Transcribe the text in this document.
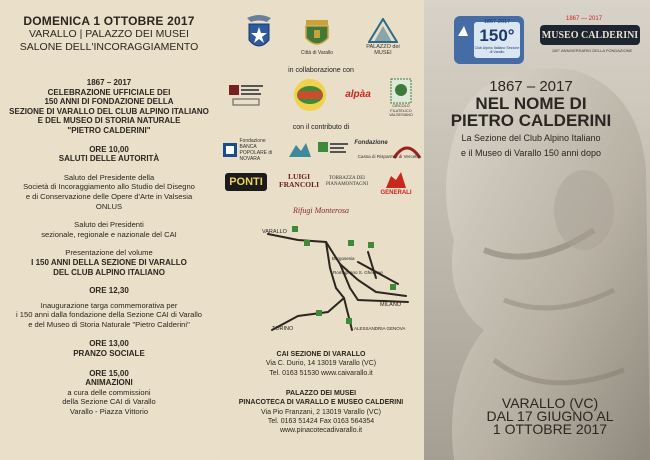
DOMENICA 1 OTTOBRE 2017
VARALLO | PALAZZO DEI MUSEI
SALONE DELL'INCORAGGIAMENTO
1867 – 2017
CELEBRAZIONE UFFICIALE DEI
150 ANNI DI FONDAZIONE DELLA
SEZIONE DI VARALLO DEL CLUB ALPINO ITALIANO
E DEL MUSEO DI STORIA NATURALE
"PIETRO CALDERINI"
ORE 10,00
SALUTI DELLE AUTORITÀ
Saluto del Presidente della
Società di Incoraggiamento allo Studio del Disegno
e di Conservazione delle Opere d'Arte in Valsesia
ONLUS
Saluto dei Presidenti
sezionale, regionale e nazionale del CAI
Presentazione del volume
I 150 ANNI DELLA SEZIONE DI VARALLO
DEL CLUB ALPINO ITALIANO
ORE 12,30
Inaugurazione targa commemorativa per
i 150 anni dalla fondazione della Sezione CAI di Varallo
e del Museo di Storia Naturale "Pietro Calderini"
ORE 13,00
PRANZO SOCIALE
ORE 15,00
ANIMAZIONI
a cura delle commissioni
della Sezione CAI di Varallo
Varallo - Piazza Vittorio
Città di Varallo
PALAZZO dei MUSEI
in collaborazione con
alpàa
CIRCOLO FILATELICO VALSESIANO
con il contributo di
Fondazione BANCA POPOLARE di NOVARA
Fondazione
Cassa di Risparmio di Vercelli
PONTI	LUIGI FRANCOLI
TORRAZZA DEI PIANAMONTAGNI
GENERALI
Rifugi Monterosa
VARALLO
Borgosesia
Romagnano S. Ghemme
MILANO
TORINO	ALESSANDRIA GENOVA
CAI SEZIONE DI VARALLO
Via C. Durio, 14 13019 Varallo (VC)
Tel. 0163 51530 www.caivarallo.it
PALAZZO DEI MUSEI
PINACOTECA DI VARALLO E MUSEO CALDERINI
Via Pio Franzani, 2 13019 Varallo (VC)
Tel. 0163 51424 Fax 0163 564354
www.pinacotecadivarallo.it
1867-2017
150°
Club Alpino Italiano Sezione di Varallo
1867 — 2017
MUSEO CALDERINI
150° ANNIVERSARIO DELLA FONDAZIONE
1867 – 2017
NEL NOME DI
PIETRO CALDERINI
La Sezione del Club Alpino Italiano
e il Museo di Varallo 150 anni dopo
VARALLO (VC)
DAL 17 GIUGNO AL
1 OTTOBRE 2017
